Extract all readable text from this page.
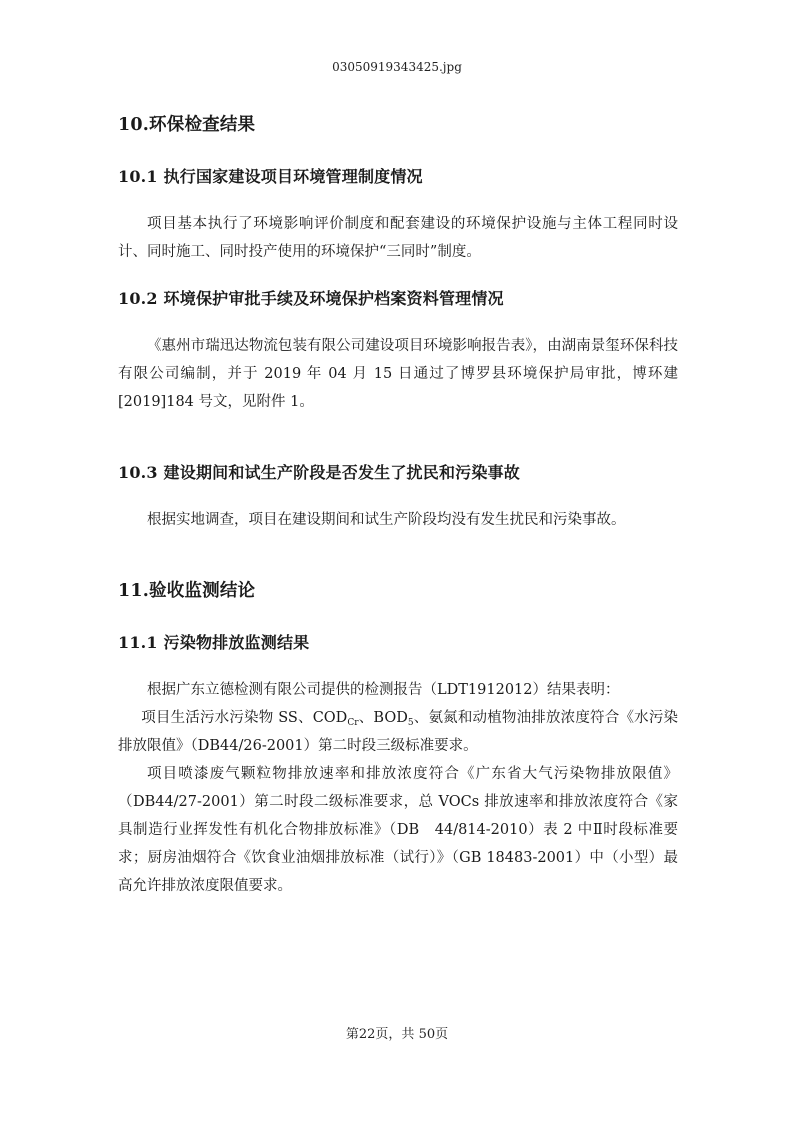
03050919343425.jpg
10.环保检查结果
10.1 执行国家建设项目环境管理制度情况

项目基本执行了环境影响评价制度和配套建设的环境保护设施与主体工程同时设计、同时施工、同时投产使用的环境保护“三同时”制度。

10.2 环境保护审批手续及环境保护档案资料管理情况

《惠州市瑞迅达物流包装有限公司建设项目环境影响报告表》，由湖南景玺环保科技有限公司编制，并于 2019 年 04 月 15 日通过了博罗县环境保护局审批，博环建[2019]184 号文，见附件 1。

10.3 建设期间和试生产阶段是否发生了扰民和污染事故

根据实地调查，项目在建设期间和试生产阶段均没有发生扰民和污染事故。

11.验收监测结论
11.1 污染物排放监测结果

根据广东立德检测有限公司提供的检测报告（LDT1912012）结果表明：

项目生活污水污染物 SS、$COD_{Cr}$、$BOD_5$、氨氮和动植物油排放浓度符合《水污染排放限值》（DB44/26-2001）第二时段三级标准要求。

项目喷漆废气颗粒物排放速率和排放浓度符合《广东省大气污染物排放限值》（DB44/27-2001）第二时段二级标准要求，总 VOCs 排放速率和排放浓度符合《家具制造行业挥发性有机化合物排放标准》（DB　44/814-2010）表 2 中Ⅱ时段标准要求；厨房油烟符合《饮食业油烟排放标准（试行）》（GB 18483-2001）中（小型）最高允许排放浓度限值要求。

第22页，共 50页
